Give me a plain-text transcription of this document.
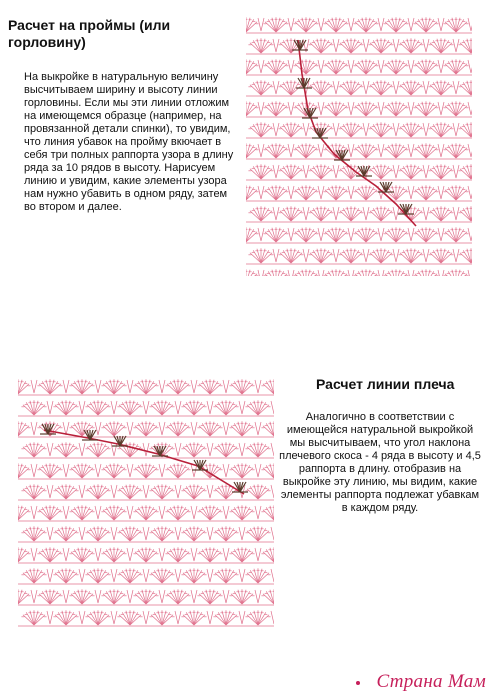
Расчет на проймы (или горловину)

На выкройке в натуральную величину высчитываем ширину и высоту линии горловины. Если мы эти линии отложим на имеющемся образце (например, на провязанной детали спинки), то увидим, что линия убавок на пройму вкючает в себя три полных раппорта узора в длину ряда за 10 рядов в высоту. Нарисуем линию и увидим, какие элементы узора нам нужно убавить в одном ряду, затем во втором и далее.

Расчет линии плеча

Аналогично в соответствии с имеющейся натуральной выкройкой мы высчитываем, что угол наклона плечевого скоса - 4 ряда в высоту и 4,5 раппорта в длину. отобразив на выкройке эту линию, мы видим, какие элементы раппорта подлежат убавкам в каждом ряду.

Страна Мам
